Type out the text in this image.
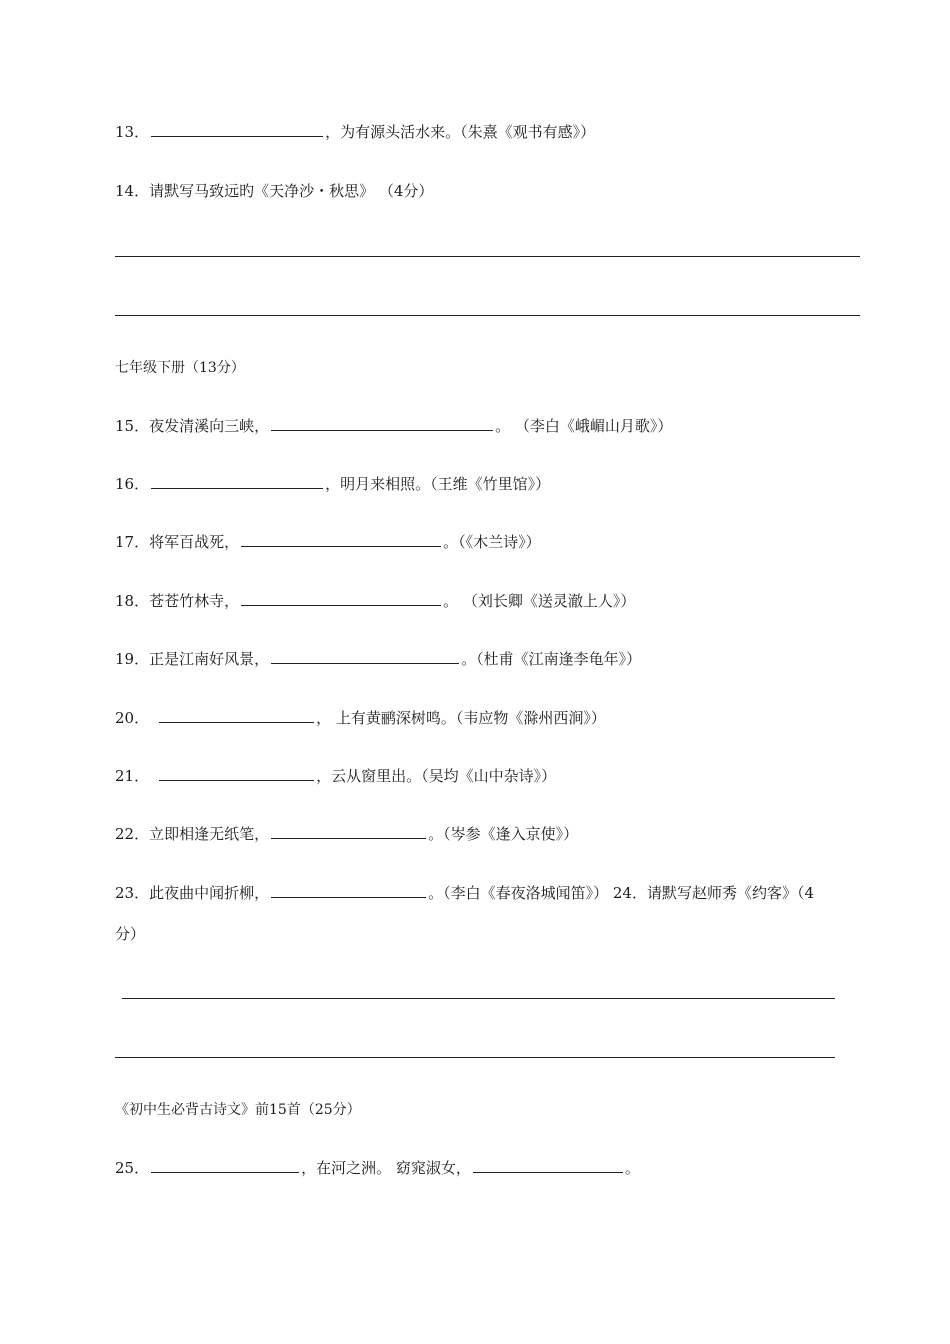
13．	，为有源头活水来。（朱熹《观书有感》）
14．请默写马致远旳《天净沙・秋思》 （4分）
七年级下册（13分）
15．夜发清溪向三峡，	。 （李白《峨嵋山月歌》）
16．	，明月来相照。（王维《竹里馆》）
17．将军百战死，	。（《木兰诗》）
18．苍苍竹林寺，	。 （刘长卿《送灵澈上人》）
19．正是江南好风景，	。（杜甫《江南逢李龟年》）
20．	， 上有黄鹂深树鸣。（韦应物《滁州西涧》）
21．	，云从窗里出。（吴均《山中杂诗》）
22．立即相逢无纸笔，	。（岑参《逢入京使》）
23．此夜曲中闻折柳，	。（李白《春夜洛城闻笛》） 24．请默写赵师秀《约客》（4
分）
《初中生必背古诗文》前15首（25分）
25．	，在河之洲。 窈窕淑女，	。
